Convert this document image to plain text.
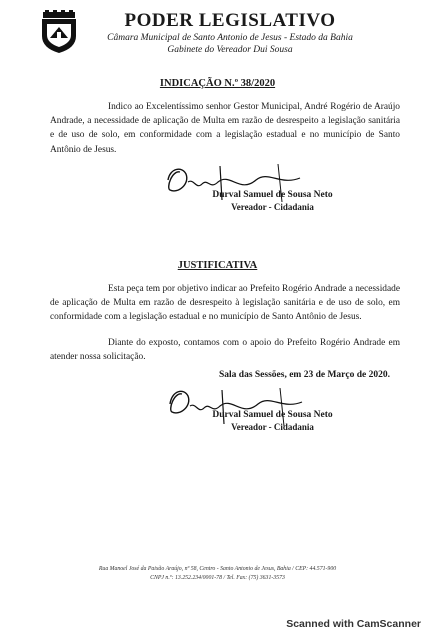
PODER LEGISLATIVO

Câmara Municipal de Santo Antonio de Jesus - Estado da Bahia

Gabinete do Vereador Dui Sousa

INDICAÇÃO N.º 38/2020

Indico ao Excelentíssimo senhor Gestor Municipal, André Rogério de Araújo Andrade, a necessidade de aplicação de Multa em razão de desrespeito a legislação sanitária e de uso de solo, em conformidade com a legislação estadual e no município de Santo Antônio de Jesus.

Durval Samuel de Sousa Neto
Vereador - Cidadania
JUSTIFICATIVA

Esta peça tem por objetivo indicar ao Prefeito Rogério Andrade a necessidade de aplicação de Multa em razão de desrespeito à legislação sanitária e de uso de solo, em conformidade com a legislação estadual e no município de Santo Antônio de Jesus.

Diante do exposto, contamos com o apoio do Prefeito Rogério Andrade em atender nossa solicitação.

Sala das Sessões, em 23 de Março de 2020.
Durval Samuel de Sousa Neto
Vereador - Cidadania
Rua Manoel José da Paixão Araújo, nº 58, Centro - Santo Antonio de Jesus, Bahia / CEP: 44.571-900
CNPJ n.º: 13.252.234/0001-78 / Tel. Fax: (75) 3631-3573
Scanned with CamScanner
